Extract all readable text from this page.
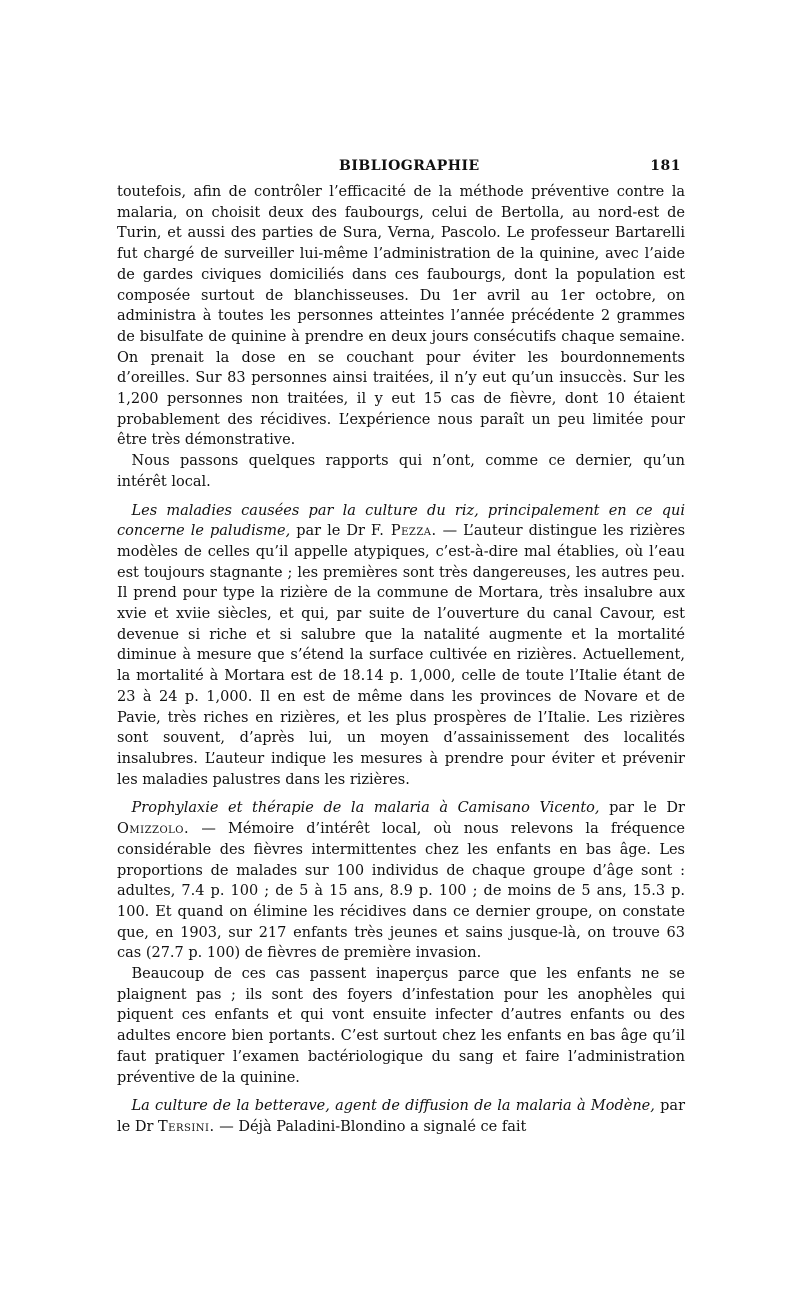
BIBLIOGRAPHIE	181

toutefois, afin de contrôler l’efficacité de la méthode préventive contre la malaria, on choisit deux des faubourgs, celui de Bertolla, au nord-est de Turin, et aussi des parties de Sura, Verna, Pascolo. Le professeur Bartarelli fut chargé de surveiller lui-même l’administration de la quinine, avec l’aide de gardes civiques domiciliés dans ces faubourgs, dont la population est composée surtout de blanchisseuses. Du 1er avril au 1er octobre, on administra à toutes les personnes atteintes l’année précédente 2 grammes de bisulfate de quinine à prendre en deux jours consécutifs chaque semaine. On prenait la dose en se couchant pour éviter les bourdonnements d’oreilles. Sur 83 personnes ainsi traitées, il n’y eut qu’un insuccès. Sur les 1,200 personnes non traitées, il y eut 15 cas de fièvre, dont 10 étaient probablement des récidives. L’expérience nous paraît un peu limitée pour être très démonstrative.

Nous passons quelques rapports qui n’ont, comme ce dernier, qu’un intérêt local.

Les maladies causées par la culture du riz, principalement en ce qui concerne le paludisme, par le Dr F. Pezza. — L’auteur distingue les rizières modèles de celles qu’il appelle atypiques, c’est-à-dire mal établies, où l’eau est toujours stagnante ; les premières sont très dangereuses, les autres peu. Il prend pour type la rizière de la commune de Mortara, très insalubre aux xvie et xviie siècles, et qui, par suite de l’ouverture du canal Cavour, est devenue si riche et si salubre que la natalité augmente et la mortalité diminue à mesure que s’étend la surface cultivée en rizières. Actuellement, la mortalité à Mortara est de 18.14 p. 1,000, celle de toute l’Italie étant de 23 à 24 p. 1,000. Il en est de même dans les provinces de Novare et de Pavie, très riches en rizières, et les plus prospères de l’Italie. Les rizières sont souvent, d’après lui, un moyen d’assainissement des localités insalubres. L’auteur indique les mesures à prendre pour éviter et prévenir les maladies palustres dans les rizières.

Prophylaxie et thérapie de la malaria à Camisano Vicento, par le Dr Omizzolo. — Mémoire d’intérêt local, où nous relevons la fréquence considérable des fièvres intermittentes chez les enfants en bas âge. Les proportions de malades sur 100 individus de chaque groupe d’âge sont : adultes, 7.4 p. 100 ; de 5 à 15 ans, 8.9 p. 100 ; de moins de 5 ans, 15.3 p. 100. Et quand on élimine les récidives dans ce dernier groupe, on constate que, en 1903, sur 217 enfants très jeunes et sains jusque-là, on trouve 63 cas (27.7 p. 100) de fièvres de première invasion.

Beaucoup de ces cas passent inaperçus parce que les enfants ne se plaignent pas ; ils sont des foyers d’infestation pour les anophèles qui piquent ces enfants et qui vont ensuite infecter d’autres enfants ou des adultes encore bien portants. C’est surtout chez les enfants en bas âge qu’il faut pratiquer l’examen bactériologique du sang et faire l’administration préventive de la quinine.

La culture de la betterave, agent de diffusion de la malaria à Modène, par le Dr Tersini. — Déjà Paladini-Blondino a signalé ce fait
